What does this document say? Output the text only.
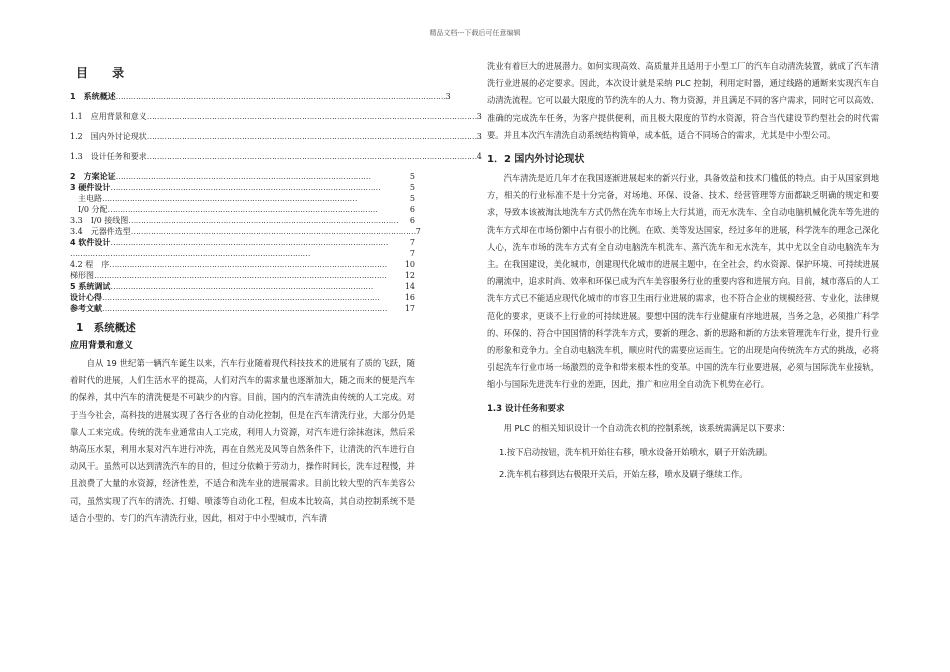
精品文档---下载后可任意编辑
目 录
1　系统概述 …………………………………………………………………………………………………………………… 3
1.1　应用背景和意义 …………………………………………………………………………………………………………………… 3
1.2　国内外讨论现状 …………………………………………………………………………………………………………………… 3
1.3　设计任务和要求 …………………………………………………………………………………………………………………… 4
2　方案论证 …………………………………………………………………………………………	5
3 硬件设计 ………………………………………………………………………………………………	5
　主电路 …………………………………………………………………………………………	5
　I/0 分配 ………………………………………………………………………………………………	6
3.3　I/0 接线图 ………………………………………………………………………………………………	6
3.4　元器件选型 …………………………………………………………………………………………………… 7
4 软件设计 …………………………………………………………………………………………………	7
……………………………………………………………………………………	7
4.2 程　序 …………………………………………………………………………………………………	10
梯形图 ………………………………………………………………………………………………………	12
5 系统调试 ……………………………………………………………………………………………	14
设计心得 …………………………………………………………………………………………………	16
参考文献 ……………………………………………………………………………………………………	17
1　系统概述
应用背景和意义

自从 19 世纪第一辆汽车诞生以来，汽车行业随着现代科技技术的进展有了质的飞跃，随着时代的进展，人们生活水平的提高，人们对汽车的需求量也逐渐加大，随之而来的便是汽车的保养，其中汽车的清洗便是不可缺少的内容。目前，国内的汽车清洗由传统的人工完成。对于当今社会，高科技的进展实现了各行各业的自动化控制，但是在汽车清洗行业，大部分仍是靠人工来完成。传统的洗车业通常由人工完成，利用人力资源，对汽车进行涂抹泡沫，然后采纳高压水泵，利用水泵对汽车进行冲洗，再在自然光及风等自然条件下，让清洗的汽车进行自动风干。虽然可以达到清洗汽车的目的，但过分依赖于劳动力，操作时间长，洗车过程慢，并且浪费了大量的水资源，经济性差，不适合和洗车业的进展需求。目前比较大型的汽车美容公司，虽然实现了汽车的清洗、打蜡、喷漆等自动化工程，但成本比较高，其自动控制系统不是适合小型的、专门的汽车清洗行业，因此，相对于中小型城市，汽车清

洗业有着巨大的进展潜力。如何实现高效、高质量并且适用于小型工厂的汽车自动清洗装置，就成了汽车清洗行业进展的必定要求。因此，本次设计就是采纳 PLC 控制，利用定时器，通过线路的通断来实现汽车自动清洗流程。它可以最大限度的节约洗车的人力、物力资源，并且满足不同的客户需求，同时它可以高效、准确的完成洗车任务，为客户提供便利，而且极大限度的节约水资源，符合当代建设节约型社会的时代需要。并且本次汽车清洗自动系统结构简单，成本低，适合不同场合的需求，尤其是中小型公司。

1．2 国内外讨论现状

汽车清洗是近几年才在我国逐渐进展起来的新兴行业，具备效益和技术门槛低的特点。由于从国家到地方，相关的行业标准不是十分完备，对场地、环保、设备、技术、经营管理等方面都缺乏明确的规定和要求，导致本该被淘汰地洗车方式仍然在洗车市场上大行其道，而无水洗车、全自动电脑机械化洗车等先进的洗车方式却在市场份额中占有很小的比例。在欧、美等发达国家，经过多年的进展，科学洗车的理念己深化人心，洗车市场的洗车方式有全自动电脑洗车机洗车、蒸汽洗车和无水洗车，其中尤以全自动电脑洗车为主。在我国建设，美化城市，创建现代化城市的进展主题中，在全社会，约水资源、保护环境、可持续进展的潮流中，追求时尚、效率和环保已成为汽车美容服务行业的重要内容和进展方向。目前，城市落后的人工洗车方式已不能适应现代化城市的市容卫生雨行业进展的需求，也不符合企业的规模经营、专业化，法律规范化的要求，更谈不上行业的可持续进展。要想中国的洗车行业健康有序地进展，当务之急，必须推广科学的、环保的、符合中国国情的科学洗车方式，要新的理念、新的思路和新的方法来管理洗车行业，提升行业的形象和竞争力。全自动电脑洗车机，顺应时代的需要应运而生。它的出现是向传统洗车方式的挑战，必将引起洗车行业市场一场激烈的竞争和带来根本性的变革。中国的洗车行业要进展，必须与国际洗车业接轨，缩小与国际先进洗车行业的差距，因此，推广和应用全自动洗下机势在必行。

1.3 设计任务和要求

用 PLC 的相关知识设计一个自动洗衣机的控制系统，该系统需满足以下要求：

1.按下启动按钮，洗车机开始往右移，喷水设备开始喷水，刷子开始洗刷。
2.洗车机右移到达右极限开关后，开始左移，喷水及刷子继续工作。
